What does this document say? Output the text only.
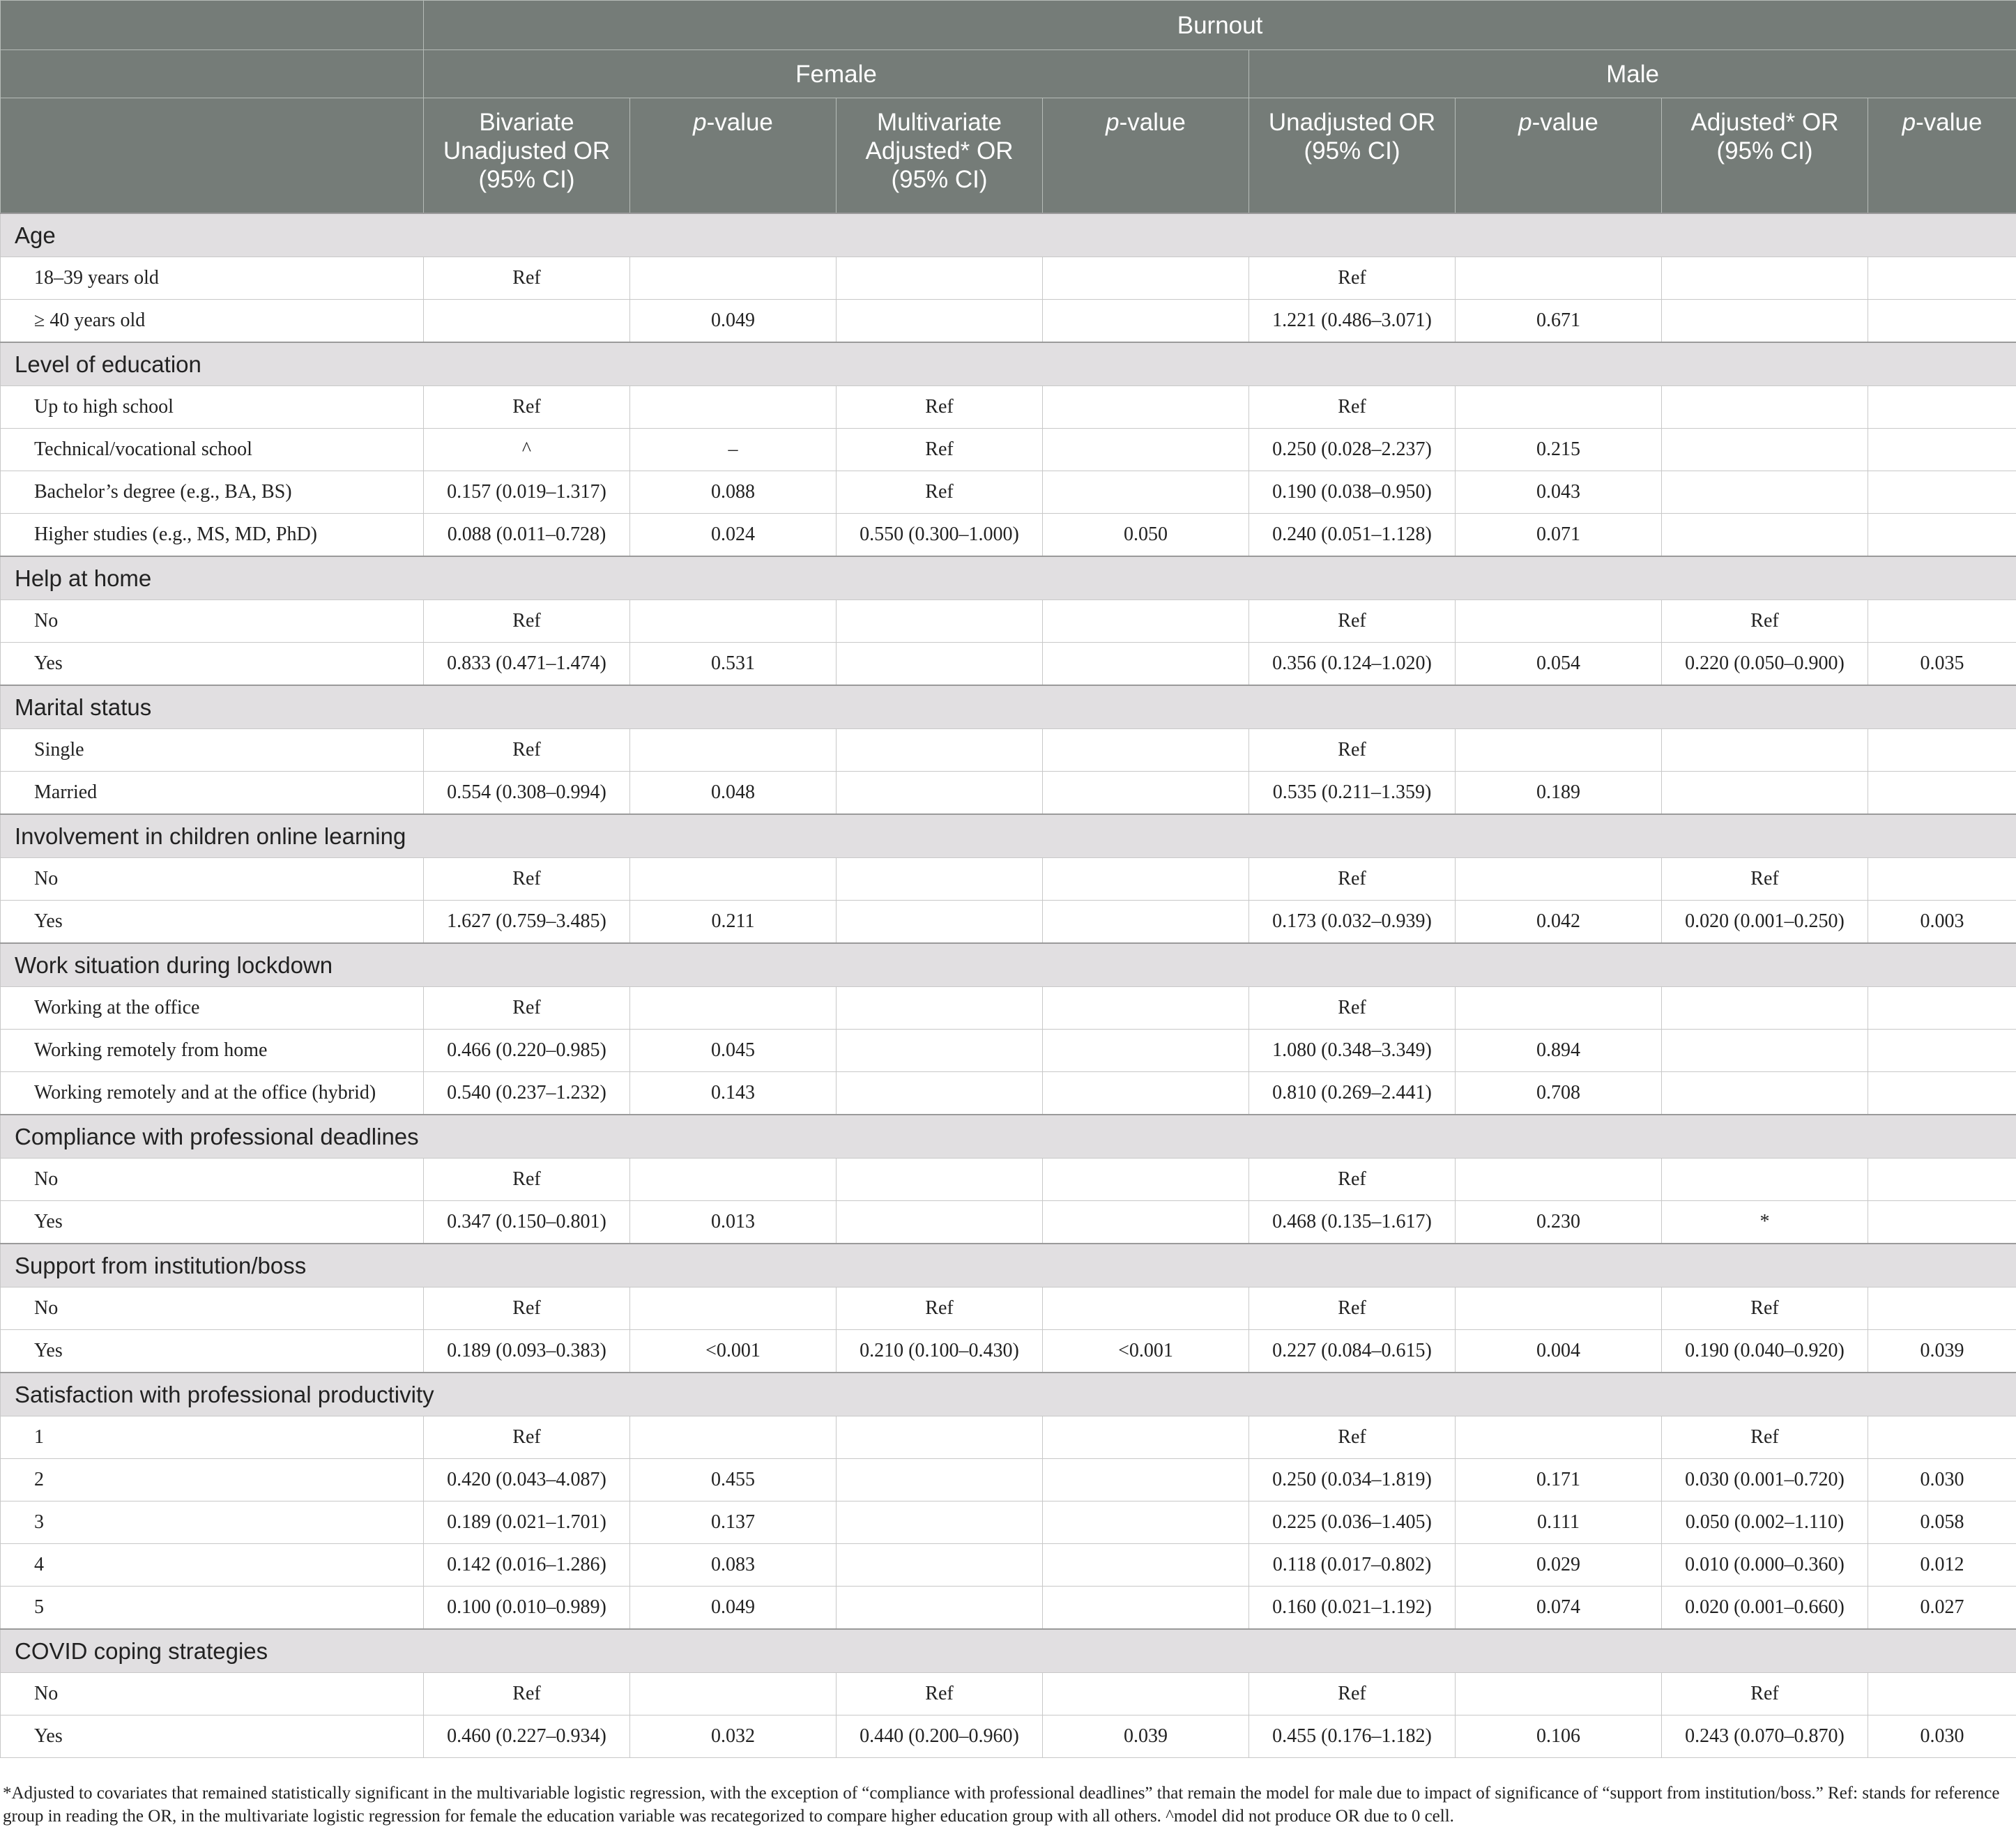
	Burnout							
	Female				Male			
	Bivariate Unadjusted OR (95% CI)	p-value	Multivariate Adjusted* OR (95% CI)	p-value	Unadjusted OR (95% CI)	p-value	Adjusted* OR (95% CI)	p-value
Age								
18–39 years old	Ref				Ref			
≥ 40 years old		0.049			1.221 (0.486–3.071)	0.671		
Level of education								
Up to high school	Ref		Ref		Ref			
Technical/vocational school	^	–	Ref		0.250 (0.028–2.237)	0.215		
Bachelor’s degree (e.g., BA, BS)	0.157 (0.019–1.317)	0.088	Ref		0.190 (0.038–0.950)	0.043		
Higher studies (e.g., MS, MD, PhD)	0.088 (0.011–0.728)	0.024	0.550 (0.300–1.000)	0.050	0.240 (0.051–1.128)	0.071		
Help at home								
No	Ref				Ref		Ref	
Yes	0.833 (0.471–1.474)	0.531			0.356 (0.124–1.020)	0.054	0.220 (0.050–0.900)	0.035
Marital status								
Single	Ref				Ref			
Married	0.554 (0.308–0.994)	0.048			0.535 (0.211–1.359)	0.189		
Involvement in children online learning								
No	Ref				Ref		Ref	
Yes	1.627 (0.759–3.485)	0.211			0.173 (0.032–0.939)	0.042	0.020 (0.001–0.250)	0.003
Work situation during lockdown								
Working at the office	Ref				Ref			
Working remotely from home	0.466 (0.220–0.985)	0.045			1.080 (0.348–3.349)	0.894		
Working remotely and at the office (hybrid)	0.540 (0.237–1.232)	0.143			0.810 (0.269–2.441)	0.708		
Compliance with professional deadlines								
No	Ref				Ref			
Yes	0.347 (0.150–0.801)	0.013			0.468 (0.135–1.617)	0.230	*	
Support from institution/boss								
No	Ref		Ref		Ref		Ref	
Yes	0.189 (0.093–0.383)	<0.001	0.210 (0.100–0.430)	<0.001	0.227 (0.084–0.615)	0.004	0.190 (0.040–0.920)	0.039
Satisfaction with professional productivity								
1	Ref				Ref		Ref	
2	0.420 (0.043–4.087)	0.455			0.250 (0.034–1.819)	0.171	0.030 (0.001–0.720)	0.030
3	0.189 (0.021–1.701)	0.137			0.225 (0.036–1.405)	0.111	0.050 (0.002–1.110)	0.058
4	0.142 (0.016–1.286)	0.083			0.118 (0.017–0.802)	0.029	0.010 (0.000–0.360)	0.012
5	0.100 (0.010–0.989)	0.049			0.160 (0.021–1.192)	0.074	0.020 (0.001–0.660)	0.027
COVID coping strategies								
No	Ref		Ref		Ref		Ref	
Yes	0.460 (0.227–0.934)	0.032	0.440 (0.200–0.960)	0.039	0.455 (0.176–1.182)	0.106	0.243 (0.070–0.870)	0.030
*Adjusted to covariates that remained statistically significant in the multivariable logistic regression, with the exception of “compliance with professional deadlines” that remain the model for male due to impact of significance of “support from institution/boss.” Ref: stands for reference group in reading the OR, in the multivariate logistic regression for female the education variable was recategorized to compare higher education group with all others. ^model did not produce OR due to 0 cell.
